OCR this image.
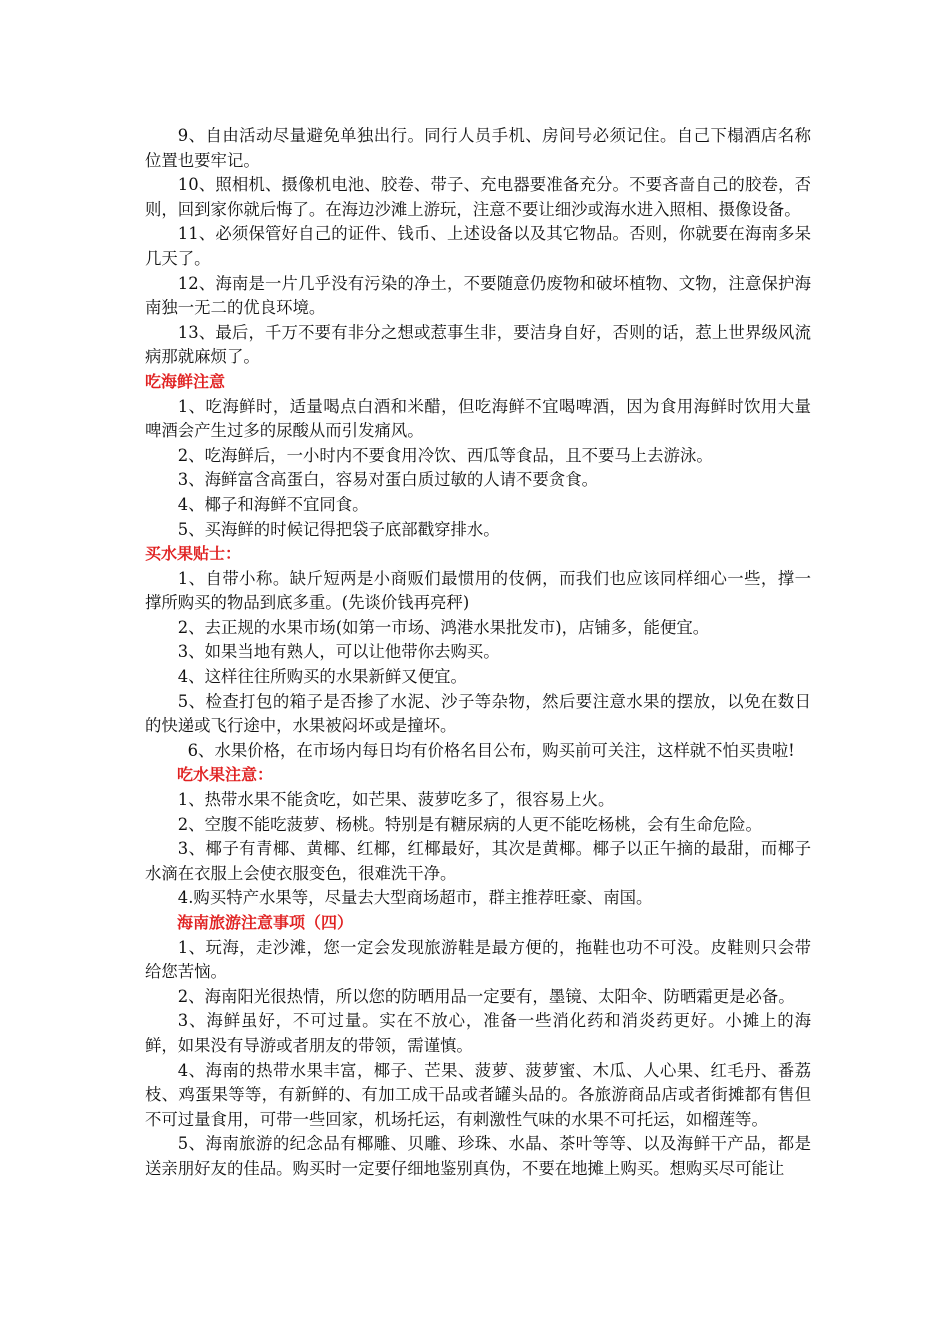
9、自由活动尽量避免单独出行。同行人员手机、房间号必须记住。自己下榻酒店名称位置也要牢记。

10、照相机、摄像机电池、胶卷、带子、充电器要准备充分。不要吝啬自己的胶卷，否则，回到家你就后悔了。在海边沙滩上游玩，注意不要让细沙或海水进入照相、摄像设备。

11、必须保管好自己的证件、钱币、上述设备以及其它物品。否则，你就要在海南多呆几天了。

12、海南是一片几乎没有污染的净土，不要随意仍废物和破坏植物、文物，注意保护海南独一无二的优良环境。

13、最后，千万不要有非分之想或惹事生非，要洁身自好，否则的话，惹上世界级风流病那就麻烦了。

吃海鲜注意

1、吃海鲜时，适量喝点白酒和米醋，但吃海鲜不宜喝啤酒，因为食用海鲜时饮用大量啤酒会产生过多的尿酸从而引发痛风。

2、吃海鲜后，一小时内不要食用冷饮、西瓜等食品，且不要马上去游泳。

3、海鲜富含高蛋白，容易对蛋白质过敏的人请不要贪食。

4、椰子和海鲜不宜同食。

5、买海鲜的时候记得把袋子底部戳穿排水。

买水果贴士：

1、自带小称。缺斤短两是小商贩们最惯用的伎俩，而我们也应该同样细心一些，撑一撑所购买的物品到底多重。(先谈价钱再亮秤)

2、去正规的水果市场(如第一市场、鸿港水果批发市)，店铺多，能便宜。

3、如果当地有熟人，可以让他带你去购买。

4、这样往往所购买的水果新鲜又便宜。

5、检查打包的箱子是否掺了水泥、沙子等杂物，然后要注意水果的摆放，以免在数日的快递或飞行途中，水果被闷坏或是撞坏。

6、水果价格，在市场内每日均有价格名目公布，购买前可关注，这样就不怕买贵啦!

吃水果注意：

1、热带水果不能贪吃，如芒果、菠萝吃多了，很容易上火。

2、空腹不能吃菠萝、杨桃。特别是有糖尿病的人更不能吃杨桃，会有生命危险。

3、椰子有青椰、黄椰、红椰，红椰最好，其次是黄椰。椰子以正午摘的最甜，而椰子水滴在衣服上会使衣服变色，很难洗干净。

4.购买特产水果等，尽量去大型商场超市，群主推荐旺豪、南国。

海南旅游注意事项（四）

1、玩海，走沙滩，您一定会发现旅游鞋是最方便的，拖鞋也功不可没。皮鞋则只会带给您苦恼。

2、海南阳光很热情，所以您的防晒用品一定要有，墨镜、太阳伞、防晒霜更是必备。

3、海鲜虽好，不可过量。实在不放心，准备一些消化药和消炎药更好。小摊上的海鲜，如果没有导游或者朋友的带领，需谨慎。

4、海南的热带水果丰富，椰子、芒果、菠萝、菠萝蜜、木瓜、人心果、红毛丹、番荔枝、鸡蛋果等等，有新鲜的、有加工成干品或者罐头品的。各旅游商品店或者街摊都有售但不可过量食用，可带一些回家，机场托运，有刺激性气味的水果不可托运，如榴莲等。

5、海南旅游的纪念品有椰雕、贝雕、珍珠、水晶、茶叶等等、以及海鲜干产品，都是送亲朋好友的佳品。购买时一定要仔细地鉴别真伪，不要在地摊上购买。想购买尽可能让
